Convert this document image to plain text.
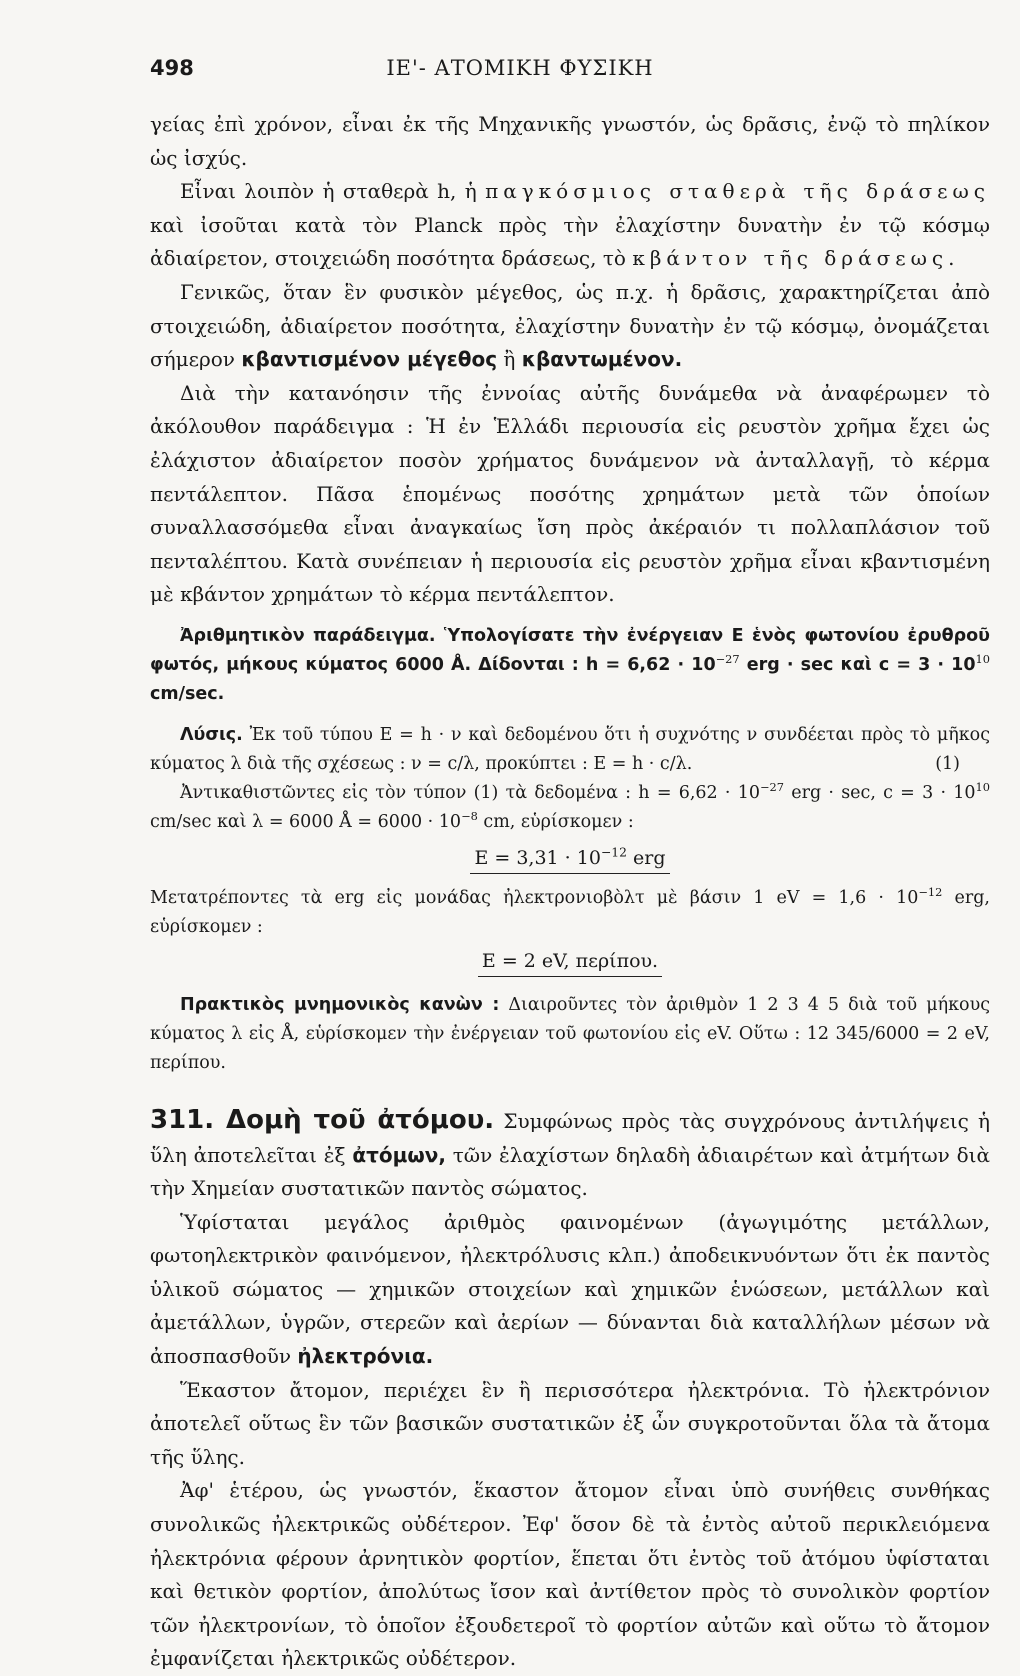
498	ΙΕ'- ΑΤΟΜΙΚΗ ΦΥΣΙΚΗ

γείας ἐπὶ χρόνον, εἶναι ἐκ τῆς Μηχανικῆς γνωστόν, ὡς δρᾶσις, ἐνῷ τὸ πηλίκον ὡς ἰσχύς.

Εἶναι λοιπὸν ἡ σταθερὰ h, ἡ παγκόσμιος σταθερὰ τῆς δράσεως καὶ ἰσοῦται κατὰ τὸν Planck πρὸς τὴν ἐλαχίστην δυνατὴν ἐν τῷ κόσμῳ ἀδιαίρετον, στοιχειώδη ποσότητα δράσεως, τὸ κβάντον τῆς δράσεως.

Γενικῶς, ὅταν ἓν φυσικὸν μέγεθος, ὡς π.χ. ἡ δρᾶσις, χαρακτηρίζεται ἀπὸ στοιχειώδη, ἀδιαίρετον ποσότητα, ἐλαχίστην δυνατὴν ἐν τῷ κόσμῳ, ὀνομάζεται σήμερον κβαντισμένον μέγεθος ἢ κβαντωμένον.

Διὰ τὴν κατανόησιν τῆς ἐννοίας αὐτῆς δυνάμεθα νὰ ἀναφέρωμεν τὸ ἀκόλουθον παράδειγμα : Ἡ ἐν Ἑλλάδι περιουσία εἰς ρευστὸν χρῆμα ἔχει ὡς ἐλάχιστον ἀδιαίρετον ποσὸν χρήματος δυνάμενον νὰ ἀνταλλαγῇ, τὸ κέρμα πεντάλεπτον. Πᾶσα ἑπομένως ποσότης χρημάτων μετὰ τῶν ὁποίων συναλλασσόμεθα εἶναι ἀναγκαίως ἴση πρὸς ἀκέραιόν τι πολλαπλάσιον τοῦ πενταλέπτου. Κατὰ συνέπειαν ἡ περιουσία εἰς ρευστὸν χρῆμα εἶναι κβαντισμένη μὲ κβάντον χρημάτων τὸ κέρμα πεντάλεπτον.

Ἀριθμητικὸν παράδειγμα. Ὑπολογίσατε τὴν ἐνέργειαν E ἑνὸς φωτονίου ἐρυθροῦ φωτός, μήκους κύματος 6000 Å. Δίδονται : $h = 6,62 \cdot 10^{-27}$ erg · sec καὶ $c = 3 \cdot 10^{10}$ cm/sec.

Λύσις. Ἐκ τοῦ τύπου E = h · ν καὶ δεδομένου ὅτι ἡ συχνότης ν συνδέεται πρὸς τὸ μῆκος κύματος λ διὰ τῆς σχέσεως : ν = c/λ, προκύπτει : E = h · c/λ.	(1)

Ἀντικαθιστῶντες εἰς τὸν τύπον (1) τὰ δεδομένα : $h = 6,62 \cdot 10^{-27}$ erg · sec, $c = 3 \cdot 10^{10}$ cm/sec καὶ λ = 6000 Å = $6000 \cdot 10^{-8}$ cm, εὑρίσκομεν :

$E = 3,31 \cdot 10^{-12}$ erg

Μετατρέποντες τὰ erg εἰς μονάδας ἠλεκτρονιοβὸλτ μὲ βάσιν 1 eV = $1,6 \cdot 10^{-12}$ erg, εὑρίσκομεν :

E = 2 eV, περίπου.

Πρακτικὸς μνημονικὸς κανὼν : Διαιροῦντες τὸν ἀριθμὸν 1 2 3 4 5 διὰ τοῦ μήκους κύματος λ εἰς Å, εὑρίσκομεν τὴν ἐνέργειαν τοῦ φωτονίου εἰς eV. Οὕτω : 12 345/6000 = 2 eV, περίπου.

311. Δομὴ τοῦ ἀτόμου. Συμφώνως πρὸς τὰς συγχρόνους ἀντιλήψεις ἡ ὕλη ἀποτελεῖται ἐξ ἀτόμων, τῶν ἐλαχίστων δηλαδὴ ἀδιαιρέτων καὶ ἀτμήτων διὰ τὴν Χημείαν συστατικῶν παντὸς σώματος.

Ὑφίσταται μεγάλος ἀριθμὸς φαινομένων (ἀγωγιμότης μετάλλων, φωτοηλεκτρικὸν φαινόμενον, ἠλεκτρόλυσις κλπ.) ἀποδεικνυόντων ὅτι ἐκ παντὸς ὑλικοῦ σώματος — χημικῶν στοιχείων καὶ χημικῶν ἑνώσεων, μετάλλων καὶ ἀμετάλλων, ὑγρῶν, στερεῶν καὶ ἀερίων — δύνανται διὰ καταλλήλων μέσων νὰ ἀποσπασθοῦν ἠλεκτρόνια.

Ἕκαστον ἄτομον, περιέχει ἓν ἢ περισσότερα ἠλεκτρόνια. Τὸ ἠλεκτρόνιον ἀποτελεῖ οὕτως ἓν τῶν βασικῶν συστατικῶν ἐξ ὧν συγκροτοῦνται ὅλα τὰ ἄτομα τῆς ὕλης.

Ἀφ' ἑτέρου, ὡς γνωστόν, ἕκαστον ἄτομον εἶναι ὑπὸ συνήθεις συνθήκας συνολικῶς ἠλεκτρικῶς οὐδέτερον. Ἐφ' ὅσον δὲ τὰ ἐντὸς αὐτοῦ περικλειόμενα ἠλεκτρόνια φέρουν ἀρνητικὸν φορτίον, ἕπεται ὅτι ἐντὸς τοῦ ἀτόμου ὑφίσταται καὶ θετικὸν φορτίον, ἀπολύτως ἴσον καὶ ἀντίθετον πρὸς τὸ συνολικὸν φορτίον τῶν ἠλεκτρονίων, τὸ ὁποῖον ἐξουδετεροῖ τὸ φορτίον αὐτῶν καὶ οὕτω τὸ ἄτομον ἐμφανίζεται ἠλεκτρικῶς οὐδέτερον.
